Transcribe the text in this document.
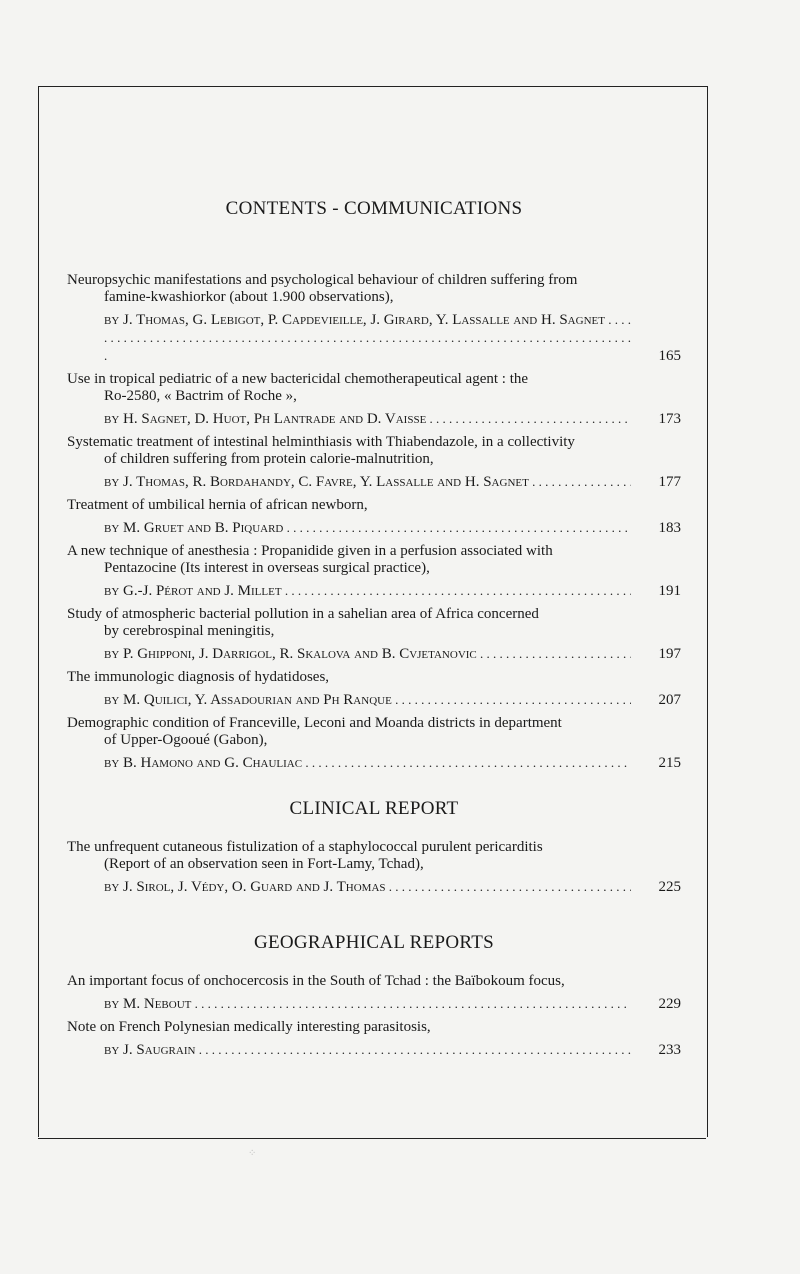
CONTENTS - COMMUNICATIONS
Neuropsychic manifestations and psychological behaviour of children suffering from
famine-kwashiorkor (about 1.900 observations),
by J. Thomas, G. Lebigot, P. Capdevieille, J. Girard, Y. Lassalle and H. Sagnet . . .
165
Use in tropical pediatric of a new bactericidal chemotherapeutical agent : the
Ro-2580, « Bactrim of Roche »,
by H. Sagnet, D. Huot, Ph Lantrade and D. Vaisse . . .	173
Systematic treatment of intestinal helminthiasis with Thiabendazole, in a collectivity
of children suffering from protein calorie-malnutrition,
by J. Thomas, R. Bordahandy, C. Favre, Y. Lassalle and H. Sagnet . . .	177
Treatment of umbilical hernia of african newborn,
by M. Gruet and B. Piquard . . .	183
A new technique of anesthesia : Propanidide given in a perfusion associated with
Pentazocine (Its interest in overseas surgical practice),
by G.-J. Pérot and J. Millet . . .	191
Study of atmospheric bacterial pollution in a sahelian area of Africa concerned
by cerebrospinal meningitis,
by P. Ghipponi, J. Darrigol, R. Skalova and B. Cvjetanovic . . .	197
The immunologic diagnosis of hydatidoses,
by M. Quilici, Y. Assadourian and Ph Ranque . . .	207
Demographic condition of Franceville, Leconi and Moanda districts in department
of Upper-Ogooué (Gabon),
by B. Hamono and G. Chauliac . . .	215
CLINICAL REPORT
The unfrequent cutaneous fistulization of a staphylococcal purulent pericarditis
(Report of an observation seen in Fort-Lamy, Tchad),
by J. Sirol, J. Védy, O. Guard and J. Thomas . . .	225
GEOGRAPHICAL REPORTS
An important focus of onchocercosis in the South of Tchad : the Baïbokoum focus,
by M. Nebout . . .	229
Note on French Polynesian medically interesting parasitosis,
by J. Saugrain . . .	233
⁘
